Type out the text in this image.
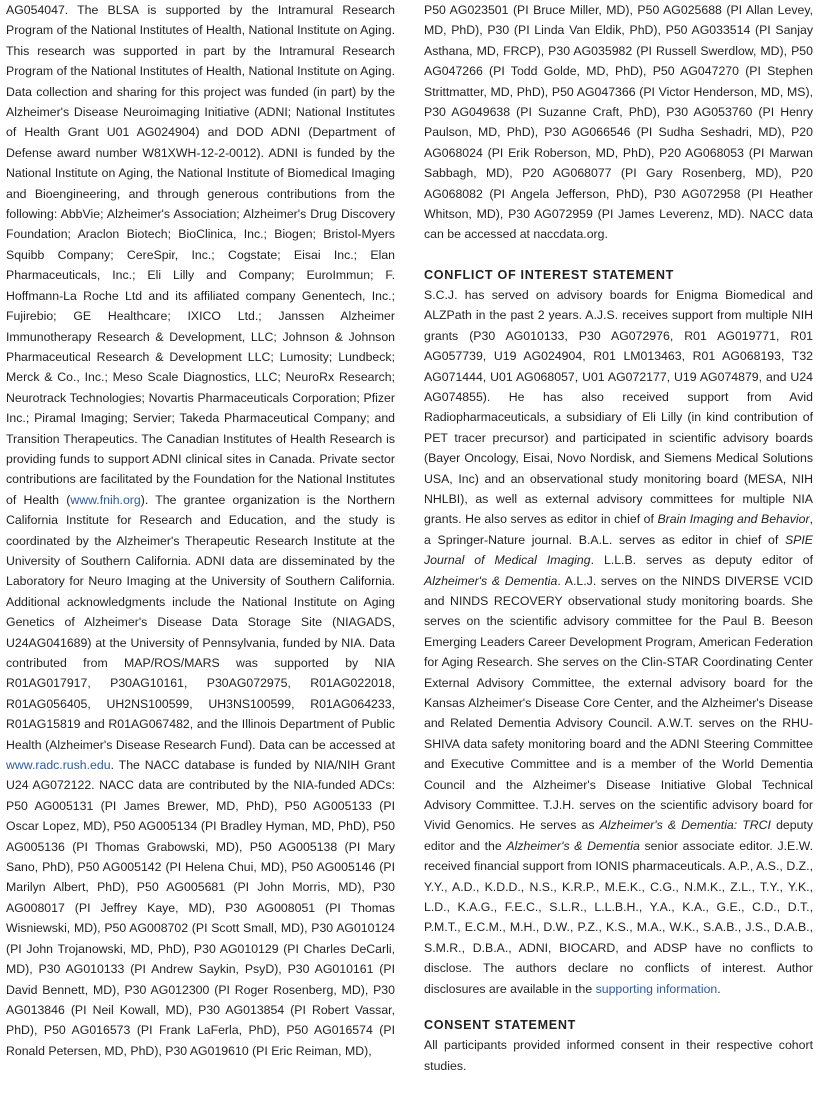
AG054047. The BLSA is supported by the Intramural Research Program of the National Institutes of Health, National Institute on Aging. This research was supported in part by the Intramural Research Program of the National Institutes of Health, National Institute on Aging. Data collection and sharing for this project was funded (in part) by the Alzheimer's Disease Neuroimaging Initiative (ADNI; National Institutes of Health Grant U01 AG024904) and DOD ADNI (Department of Defense award number W81XWH-12-2-0012). ADNI is funded by the National Institute on Aging, the National Institute of Biomedical Imaging and Bioengineering, and through generous contributions from the following: AbbVie; Alzheimer's Association; Alzheimer's Drug Discovery Foundation; Araclon Biotech; BioClinica, Inc.; Biogen; Bristol-Myers Squibb Company; CereSpir, Inc.; Cogstate; Eisai Inc.; Elan Pharmaceuticals, Inc.; Eli Lilly and Company; EuroImmun; F. Hoffmann-La Roche Ltd and its affiliated company Genentech, Inc.; Fujirebio; GE Healthcare; IXICO Ltd.; Janssen Alzheimer Immunotherapy Research & Development, LLC; Johnson & Johnson Pharmaceutical Research & Development LLC; Lumosity; Lundbeck; Merck & Co., Inc.; Meso Scale Diagnostics, LLC; NeuroRx Research; Neurotrack Technologies; Novartis Pharmaceuticals Corporation; Pfizer Inc.; Piramal Imaging; Servier; Takeda Pharmaceutical Company; and Transition Therapeutics. The Canadian Institutes of Health Research is providing funds to support ADNI clinical sites in Canada. Private sector contributions are facilitated by the Foundation for the National Institutes of Health (www.fnih.org). The grantee organization is the Northern California Institute for Research and Education, and the study is coordinated by the Alzheimer's Therapeutic Research Institute at the University of Southern California. ADNI data are disseminated by the Laboratory for Neuro Imaging at the University of Southern California. Additional acknowledgments include the National Institute on Aging Genetics of Alzheimer's Disease Data Storage Site (NIAGADS, U24AG041689) at the University of Pennsylvania, funded by NIA. Data contributed from MAP/ROS/MARS was supported by NIA R01AG017917, P30AG10161, P30AG072975, R01AG022018, R01AG056405, UH2NS100599, UH3NS100599, R01AG064233, R01AG15819 and R01AG067482, and the Illinois Department of Public Health (Alzheimer's Disease Research Fund). Data can be accessed at www.radc.rush.edu. The NACC database is funded by NIA/NIH Grant U24 AG072122. NACC data are contributed by the NIA-funded ADCs: P50 AG005131 (PI James Brewer, MD, PhD), P50 AG005133 (PI Oscar Lopez, MD), P50 AG005134 (PI Bradley Hyman, MD, PhD), P50 AG005136 (PI Thomas Grabowski, MD), P50 AG005138 (PI Mary Sano, PhD), P50 AG005142 (PI Helena Chui, MD), P50 AG005146 (PI Marilyn Albert, PhD), P50 AG005681 (PI John Morris, MD), P30 AG008017 (PI Jeffrey Kaye, MD), P30 AG008051 (PI Thomas Wisniewski, MD), P50 AG008702 (PI Scott Small, MD), P30 AG010124 (PI John Trojanowski, MD, PhD), P30 AG010129 (PI Charles DeCarli, MD), P30 AG010133 (PI Andrew Saykin, PsyD), P30 AG010161 (PI David Bennett, MD), P30 AG012300 (PI Roger Rosenberg, MD), P30 AG013846 (PI Neil Kowall, MD), P30 AG013854 (PI Robert Vassar, PhD), P50 AG016573 (PI Frank LaFerla, PhD), P50 AG016574 (PI Ronald Petersen, MD, PhD), P30 AG019610 (PI Eric Reiman, MD),

P50 AG023501 (PI Bruce Miller, MD), P50 AG025688 (PI Allan Levey, MD, PhD), P30 (PI Linda Van Eldik, PhD), P50 AG033514 (PI Sanjay Asthana, MD, FRCP), P30 AG035982 (PI Russell Swerdlow, MD), P50 AG047266 (PI Todd Golde, MD, PhD), P50 AG047270 (PI Stephen Strittmatter, MD, PhD), P50 AG047366 (PI Victor Henderson, MD, MS), P30 AG049638 (PI Suzanne Craft, PhD), P30 AG053760 (PI Henry Paulson, MD, PhD), P30 AG066546 (PI Sudha Seshadri, MD), P20 AG068024 (PI Erik Roberson, MD, PhD), P20 AG068053 (PI Marwan Sabbagh, MD), P20 AG068077 (PI Gary Rosenberg, MD), P20 AG068082 (PI Angela Jefferson, PhD), P30 AG072958 (PI Heather Whitson, MD), P30 AG072959 (PI James Leverenz, MD). NACC data can be accessed at naccdata.org.

CONFLICT OF INTEREST STATEMENT

S.C.J. has served on advisory boards for Enigma Biomedical and ALZPath in the past 2 years. A.J.S. receives support from multiple NIH grants (P30 AG010133, P30 AG072976, R01 AG019771, R01 AG057739, U19 AG024904, R01 LM013463, R01 AG068193, T32 AG071444, U01 AG068057, U01 AG072177, U19 AG074879, and U24 AG074855). He has also received support from Avid Radiopharmaceuticals, a subsidiary of Eli Lilly (in kind contribution of PET tracer precursor) and participated in scientific advisory boards (Bayer Oncology, Eisai, Novo Nordisk, and Siemens Medical Solutions USA, Inc) and an observational study monitoring board (MESA, NIH NHLBI), as well as external advisory committees for multiple NIA grants. He also serves as editor in chief of Brain Imaging and Behavior, a Springer-Nature journal. B.A.L. serves as editor in chief of SPIE Journal of Medical Imaging. L.L.B. serves as deputy editor of Alzheimer's & Dementia. A.L.J. serves on the NINDS DIVERSE VCID and NINDS RECOVERY observational study monitoring boards. She serves on the scientific advisory committee for the Paul B. Beeson Emerging Leaders Career Development Program, American Federation for Aging Research. She serves on the Clin-STAR Coordinating Center External Advisory Committee, the external advisory board for the Kansas Alzheimer's Disease Core Center, and the Alzheimer's Disease and Related Dementia Advisory Council. A.W.T. serves on the RHU-SHIVA data safety monitoring board and the ADNI Steering Committee and Executive Committee and is a member of the World Dementia Council and the Alzheimer's Disease Initiative Global Technical Advisory Committee. T.J.H. serves on the scientific advisory board for Vivid Genomics. He serves as Alzheimer's & Dementia: TRCI deputy editor and the Alzheimer's & Dementia senior associate editor. J.E.W. received financial support from IONIS pharmaceuticals. A.P., A.S., D.Z., Y.Y., A.D., K.D.D., N.S., K.R.P., M.E.K., C.G., N.M.K., Z.L., T.Y., Y.K., L.D., K.A.G., F.E.C., S.L.R., L.L.B.H., Y.A., K.A., G.E., C.D., D.T., P.M.T., E.C.M., M.H., D.W., P.Z., K.S., M.A., W.K., S.A.B., J.S., D.A.B., S.M.R., D.B.A., ADNI, BIOCARD, and ADSP have no conflicts to disclose. The authors declare no conflicts of interest. Author disclosures are available in the supporting information.

CONSENT STATEMENT

All participants provided informed consent in their respective cohort studies.
